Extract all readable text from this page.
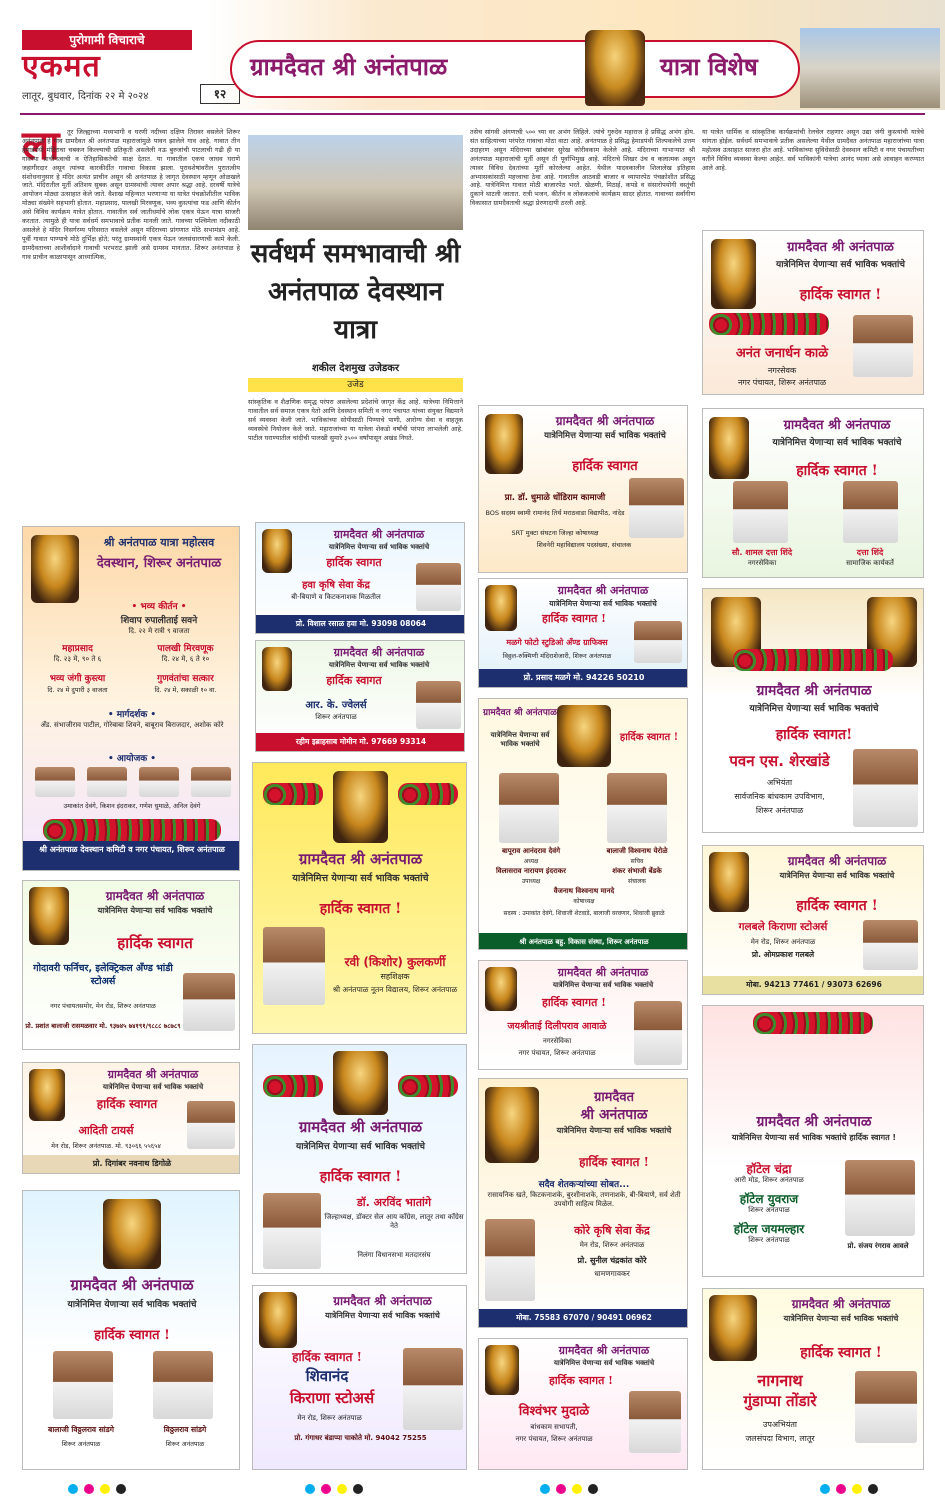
पुरोगामी विचाराचे
एकमत
लातूर, बुधवार, दिनांक २२ मे २०२४	१२
ग्रामदैवत श्री अनंतपाळ	यात्रा विशेष
ला	तूर जिल्ह्याच्या मध्यभागी व घरणी नदीच्या दक्षिण तिरावर वसलेले शिरूर अनंतपाळ हे गाव ग्रामदैवत श्री अनंतपाळ महाराजांमुळे पावन झालेले गाव आहे. गावात तीन हेमाडपंथी मंदिराचा चबकन किल्ल्याची प्रतिकृती असलेली नऊ बुरुजांची पाटलाची गढी ही या गावच्या प्राचीनत्वाची व ऐतिहासिकतेची साक्ष देतात. या गावातील एकच जाधव घराणे जहागीरदार असून त्यांच्या कारकीर्दीत गावाचा विकास झाला. पुरावशेषांवरील पुरातत्वीय संशोधनानुसार हे मंदिर अत्यंत प्राचीन असून श्री अनंतपाळ हे जागृत देवस्थान म्हणून ओळखले जाते. मंदिरातील मूर्ती अतिशय सुबक असून ग्रामस्थांची त्यावर अपार श्रद्धा आहे. दरवर्षी यात्रेचे आयोजन मोठ्या उत्साहात केले जाते. वैशाख महिन्यात भरणाऱ्या या यात्रेत पंचक्रोशीतील भाविक मोठ्या संख्येने सहभागी होतात. महाप्रसाद, पालखी मिरवणूक, भव्य कुस्त्यांचा फड आणि कीर्तन असे विविध कार्यक्रम यात्रेत होतात. गावातील सर्व जातीधर्माचे लोक एकत्र येऊन यात्रा साजरी करतात. त्यामुळे ही यात्रा सर्वधर्म समभावाचे प्रतीक मानली जाते. गावच्या पश्चिमेला नदीकाठी असलेले हे मंदिर निसर्गरम्य परिसरात वसलेले असून मंदिराच्या प्रांगणात मोठे सभामंडप आहे. पूर्वी गावात पाण्याचे मोठे दुर्भिक्ष होते; परंतु ग्रामस्थांनी एकत्र येऊन जलसंधारणाची कामे केली. ग्रामदैवताच्या आशीर्वादाने गावाची भरभराट झाली असे ग्रामस्थ मानतात. शिरूर अनंतपाळ हे गाव प्राचीन काळापासून आध्यात्मिक,	सर्वधर्म समभावाची श्री अनंतपाळ देवस्थान यात्रा
शकील देशमुख उजेडकर
उजेड
सांस्कृतिक व शैक्षणिक समृद्ध परंपरा असलेल्या प्रदेशांचे जागृत केंद्र आहे. यात्रेच्या निमित्ताने गावातील सर्व समाज एकत्र येतो आणि देवस्थान समिती व नगर पंचायत यांच्या संयुक्त विद्यमाने सर्व व्यवस्था केली जाते. भाविकांच्या सोयीसाठी पिण्याचे पाणी, आरोग्य सेवा व वाहतूक व्यवस्थेचे नियोजन केले जाते. महाराजांच्या या यात्रेला शेकडो वर्षांची परंपरा लाभलेली आहे. पाटील घराण्यातील चांदीची पालखी सुमारे ३५०० वर्षांपासून अखंड निघते.
तसेच सांगवी अंगणाची ५०० च्या वर अभंग लिहिले. त्यांचे गुरुदेव महाराज हे प्रसिद्ध अभंग होय. संत साहित्याच्या परंपरेत गावाचा मोठा वाटा आहे. अनंतपाळ हे प्रसिद्ध हेमाडपंथी शिल्पकलेचे उत्तम उदाहरण असून मंदिराच्या खांबांवर सुरेख कोरीवकाम केलेले आहे. मंदिराच्या गाभाऱ्यात श्री अनंतपाळ महाराजांची मूर्ती असून ती पूर्वाभिमुख आहे. मंदिराचे शिखर उंच व कलात्मक असून त्यावर विविध देवतांच्या मूर्ती कोरलेल्या आहेत. येथील यादवकालीन शिलालेख इतिहास अभ्यासकांसाठी महत्त्वाचा ठेवा आहे. गावातील आठवडी बाजार व व्यापारपेठ पंचक्रोशीत प्रसिद्ध आहे. यात्रेनिमित्त गावात मोठी बाजारपेठ भरते. खेळणी, मिठाई, कपडे व संसारोपयोगी वस्तूंची दुकाने थाटली जातात. रात्री भजन, कीर्तन व लोककलांचे कार्यक्रम सादर होतात. गावाच्या सर्वांगीण विकासात ग्रामदैवताची श्रद्धा प्रेरणादायी ठरली आहे.
या यात्रेत धार्मिक व सांस्कृतिक कार्यक्रमांची रेलचेल राहणार असून उद्या जंगी कुस्त्यांची यात्रेचे सांगता होईल. सर्वधर्म समभावाचे प्रतीक असलेल्या येथील ग्रामदैवत अनंतपाळ महाराजांच्या यात्रा महोत्सव उत्साहात साजरा होत आहे. भाविकांच्या सुविधेसाठी देवस्थान कमिटी व नगर पंचायतीच्या वतीने विविध व्यवस्था केल्या आहेत. सर्व भाविकांनी यात्रेचा आनंद घ्यावा असे आवाहन करण्यात आले आहे.
ग्रामदैवत श्री अनंतपाळ
यात्रेनिमित्त येणाऱ्या सर्व भाविक भक्तांचे
हार्दिक स्वागत !
अनंत जनार्धन काळे
नगरसेवक
नगर पंचायत, शिरूर अनंतपाळ
ग्रामदैवत श्री अनंतपाळ
यात्रेनिमित्त येणाऱ्या सर्व भाविक भक्तांचे
हार्दिक स्वागत !
सौ. शामल दत्ता शिंदे
नगरसेविका
दत्ता शिंदे
सामाजिक कार्यकर्ते
ग्रामदैवत श्री अनंतपाळ
यात्रेनिमित्त येणाऱ्या सर्व भाविक भक्तांचे
हार्दिक स्वागत
प्रा. डॉ. धुमाळे धोंडिराम कामाजी
BOS सदस्य स्वामी रामानंद तिर्थ मराठवाडा विद्यापीठ, नांदेड
SRT मुक्टा संघटना जिल्हा कोषाध्यक्ष
शिवनेरी महाविद्यालय पदसंख्या, संचालक
ग्रामदैवत श्री अनंतपाळ
यात्रेनिमित्त येणाऱ्या सर्व भाविक भक्तांचे
हार्दिक स्वागत !
मळगे फोटो स्टुडिओ अँण्ड ग्राफिक्स
विठ्ठल-रुक्मिणी मंदिराशेजारी, शिरूर अनंतपाळ
प्रो. प्रसाद मळगे मो. 94226 50210
ग्रामदैवत श्री अनंतपाळ
यात्रेनिमित्त येणाऱ्या सर्व भाविक भक्तांचे
हार्दिक स्वागत!
पवन एस. शेरखांडे
अभियंता
सार्वजनिक बांधकाम उपविभाग,
शिरूर अनंतपाळ
श्री अनंतपाळ यात्रा महोत्सव
देवस्थान, शिरूर अनंतपाळ
• भव्य कीर्तन •
शिवाप रुपालीताई सवने
दि. २२ मे रात्री ९ वाजता
महाप्रसाद
दि. २३ मे, ९० ते ६
पालखी मिरवणूक
दि. २४ मे, ६ ते १०
भव्य जंगी कुस्त्या
दि. २४ मे दुपारी ३ वाजता
गुणवंतांचा सत्कार
दि. २४ मे, सकाळी १० वा.
• मार्गदर्शक •
अँड. संभाजीराव पाटील, गोरेबाबा शिवने, बाबूराव बिराजदार, अशोक कोरे
• आयोजक •
उमाकांत देवंगे, किशन इंदराकर, गणेश धुमाळे, अनिल देवंगे
श्री अनंतपाळ देवस्थान कमिटी व नगर पंचायत, शिरूर अनंतपाळ
ग्रामदैवत श्री अनंतपाळ
यात्रेनिमित्त येणाऱ्या सर्व भाविक भक्तांचे
हार्दिक स्वागत
हवा कृषि सेवा केंद्र
बी-बियाणे व किटकनाशक मिळतील
प्रो. विशाल रसाळ हवा मो. 93098 08064
ग्रामदैवत श्री अनंतपाळ
यात्रेनिमित्त येणाऱ्या सर्व भाविक भक्तांचे
हार्दिक स्वागत
आर. के. ज्वेलर्स
शिरूर अनंतपाळ
रहीम इब्राहसाब मोमीन मो. 97669 93314
ग्रामदैवत श्री अनंतपाळ
यात्रेनिमित्त येणाऱ्या सर्व भाविक भक्तांचे
हार्दिक स्वागत !
रवी (किशोर) कुलकर्णी
सहशिक्षक
श्री अनंतपाळ नूतन विद्यालय, शिरूर अनंतपाळ
ग्रामदैवत श्री अनंतपाळ
यात्रेनिमित्त येणाऱ्या सर्व भाविक भक्तांचे
हार्दिक स्वागत !
बापूराव आनंदराव देवंगे
अध्यक्ष
बालाजी विश्वनाथ येरोळे
सचिव
विलासराव नारायण इंदराकर
उपाध्यक्ष
शंकर संभाजी बेंडके
संचालक
वैजनाथ विश्वनाथ मानदे
कोषाध्यक्ष
सदस्य : उमाकांत देवंगे, शिवाजी शेटवाडे, बालाजी वरवणार, शिवाजी ब्रुवाळे
श्री अनंतपाळ बहु. विकास संस्था, शिरूर अनंतपाळ
ग्रामदैवत श्री अनंतपाळ
यात्रेनिमित्त येणाऱ्या सर्व भाविक भक्तांचे
हार्दिक स्वागत
गोदावरी फर्निचर, इलेक्ट्रिकल अँण्ड भांडी स्टोअर्स
नगर पंचायतसमोर, मेन रोड, शिरूर अनंतपाळ
प्रो. प्रशांत बालाजी रासमळवार मो. ९३७४५ ७४१९१/९८८८ ७८७८९
ग्रामदैवत श्री अनंतपाळ
यात्रेनिमित्त येणाऱ्या सर्व भाविक भक्तांचे
हार्दिक स्वागत !
जयश्रीताई दिलीपराव आवाळे
नगरसेविका
नगर पंचायत, शिरूर अनंतपाळ
ग्रामदैवत श्री अनंतपाळ
यात्रेनिमित्त येणाऱ्या सर्व भाविक भक्तांचे
हार्दिक स्वागत !
गलबले किराणा स्टोअर्स
मेन रोड, शिरूर अनंतपाळ
प्रो. ओमप्रकाश गलबले
मोबा. 94213 77461 / 93073 62696
ग्रामदैवत श्री अनंतपाळ
यात्रेनिमित्त येणाऱ्या सर्व भाविक भक्तांचे
हार्दिक स्वागत
आदिती टायर्स
मेन रोड, शिरूर अनंतपाळ. मो. ९३०६६ ५५६५४
प्रो. दिगांबर नवनाथ डिगोळे
ग्रामदैवत श्री अनंतपाळ
यात्रेनिमित्त येणाऱ्या सर्व भाविक भक्तांचे
हार्दिक स्वागत !
डॉ. अरविंद भातांगे
जिल्हाध्यक्ष, डॉक्टर सेल आय कॉंग्रेस, लातूर तथा कॉंग्रेस नेते
निलंगा विधानसभा मतदारसंघ
ग्रामदैवत
श्री अनंतपाळ
यात्रेनिमित्त येणाऱ्या सर्व भाविक भक्तांचे
हार्दिक स्वागत !
सदैव शेतकऱ्यांच्या सोबत...
रासायनिक खते, किटकनाशके, बुरशीनाशके, तणनाशके, बी-बियाणे, सर्व शेती उपयोगी साहित्य मिळेल.
कोरे कृषि सेवा केंद्र
मेन रोड, शिरूर अनंतपाळ
प्रो. सुनील चंद्रकांत कोरे
धामणगावकर
मोबा. 75583 67070 / 90491 06962
ग्रामदैवत श्री अनंतपाळ
यात्रेनिमित्त येणाऱ्या सर्व भाविक भक्तांचे हार्दिक स्वागत !
हॉटेल चंद्रा
आरी मोड, शिरूर अनंतपाळ
हॉटेल युवराज
शिरूर अनंतपाळ
हॉटेल जयमल्हार
शिरूर अनंतपाळ
प्रो. संजय रंगराव आवले
ग्रामदैवत श्री अनंतपाळ
यात्रेनिमित्त येणाऱ्या सर्व भाविक भक्तांचे
हार्दिक स्वागत !
बालाजी विठ्ठलराव सांडगे
शिरूर अनंतपाळ
विठ्ठलराव सांडगे
शिरूर अनंतपाळ
ग्रामदैवत श्री अनंतपाळ
यात्रेनिमित्त येणाऱ्या सर्व भाविक भक्तांचे
हार्दिक स्वागत !
शिवानंद
किराणा स्टोअर्स
मेन रोड, शिरूर अनंतपाळ
प्रो. गंगाधर बंडाप्पा चाकोते मो. 94042 75255
ग्रामदैवत श्री अनंतपाळ
यात्रेनिमित्त येणाऱ्या सर्व भाविक भक्तांचे
हार्दिक स्वागत !
विश्वंभर मुदाळे
बांधकाम सभापती,
नगर पंचायत, शिरूर अनंतपाळ
ग्रामदैवत श्री अनंतपाळ
यात्रेनिमित्त येणाऱ्या सर्व भाविक भक्तांचे
हार्दिक स्वागत !
नागनाथ
गुंडाप्पा तोंडारे
उपअभियंता
जलसंपदा विभाग, लातूर
